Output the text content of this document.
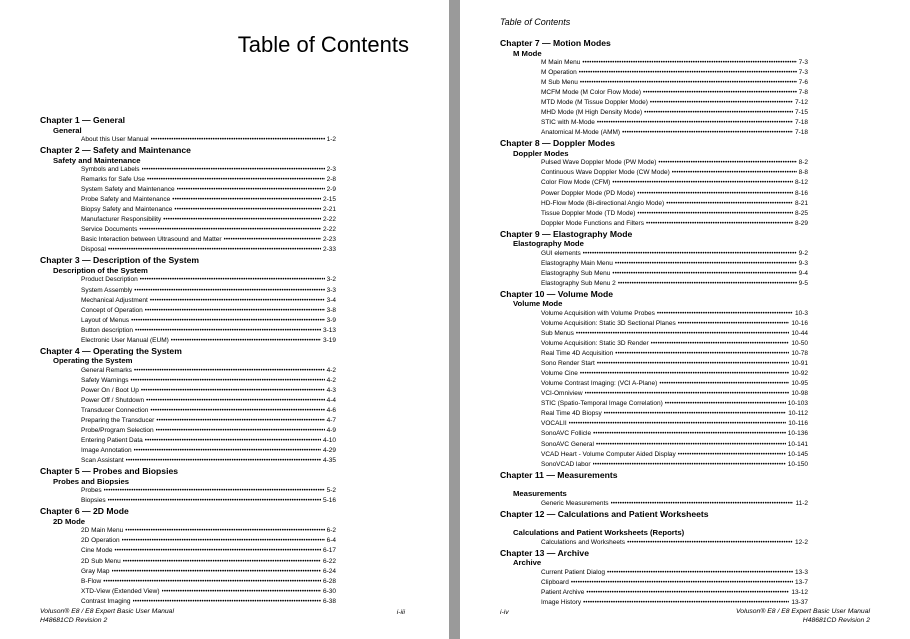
Table of Contents
Chapter 1 — General
General
About this User Manual •••••	1-2
Chapter 2 — Safety and Maintenance
Safety and Maintenance
Symbols and Labels •••••	2-3
Remarks for Safe Use •••••	2-8
System Safety and Maintenance •••••	2-9
Probe Safety and Maintenance •••••	2-15
Biopsy Safety and Maintenance •••••	2-21
Manufacturer Responsibility •••••	2-22
Service Documents •••••	2-22
Basic Interaction between Ultrasound and Matter •••••	2-23
Disposal •••••	2-33
Chapter 3 — Description of the System
Description of the System
Product Description •••••	3-2
System Assembly •••••	3-3
Mechanical Adjustment •••••	3-4
Concept of Operation •••••	3-8
Layout of Menus •••••	3-9
Button description •••••	3-13
Electronic User Manual (EUM) •••••	3-19
Chapter 4 — Operating the System
Operating the System
General Remarks •••••	4-2
Safety Warnings •••••	4-2
Power On / Boot Up •••••	4-3
Power Off / Shutdown •••••	4-4
Transducer Connection •••••	4-6
Preparing the Transducer •••••	4-7
Probe/Program Selection •••••	4-9
Entering Patient Data •••••	4-10
Image Annotation •••••	4-29
Scan Assistant •••••	4-35
Chapter 5 — Probes and Biopsies
Probes and Biopsies
Probes •••••	5-2
Biopsies •••••	5-16
Chapter 6 — 2D Mode
2D Mode
2D Main Menu •••••	6-2
2D Operation •••••	6-4
Cine Mode •••••	6-17
2D Sub Menu •••••	6-22
Gray Map •••••	6-24
B-Flow •••••	6-28
XTD-View (Extended View) •••••	6-30
Contrast Imaging •••••	6-38
Voluson® E8 / E8 Expert Basic User Manual
H48681CD Revision 2
i-iii
Table of Contents
Chapter 7 — Motion Modes
M Mode
M Main Menu •••••	7-3
M Operation •••••	7-3
M Sub Menu •••••	7-6
MCFM Mode (M Color Flow Mode) •••••	7-8
MTD Mode (M Tissue Doppler Mode) •••••	7-12
MHD Mode (M High Density Mode) •••••	7-15
STIC with M-Mode •••••	7-18
Anatomical M-Mode (AMM) •••••	7-18
Chapter 8 — Doppler Modes
Doppler Modes
Pulsed Wave Doppler Mode (PW Mode) •••••	8-2
Continuous Wave Doppler Mode (CW Mode) •••••	8-8
Color Flow Mode (CFM) •••••	8-12
Power Doppler Mode (PD Mode) •••••	8-16
HD-Flow Mode (Bi-directional Angio Mode) •••••	8-21
Tissue Doppler Mode (TD Mode) •••••	8-25
Doppler Mode Functions and Filters •••••	8-29
Chapter 9 — Elastography Mode
Elastography Mode
GUI elements •••••	9-2
Elastography Main Menu •••••	9-3
Elastography Sub Menu •••••	9-4
Elastography Sub Menu 2 •••••	9-5
Chapter 10 — Volume Mode
Volume Mode
Volume Acquisition with Volume Probes •••••	10-3
Volume Acquisition: Static 3D Sectional Planes •••••	10-16
Sub Menus •••••	10-44
Volume Acquisition: Static 3D Render •••••	10-50
Real Time 4D Acquisition •••••	10-78
Sono Render Start •••••	10-91
Volume Cine •••••	10-92
Volume Contrast Imaging: (VCI A-Plane) •••••	10-95
VCI-Omniview •••••	10-98
STIC (Spatio-Temporal Image Correlation) •••••	10-103
Real Time 4D Biopsy •••••	10-112
VOCALII •••••	10-116
SonoAVC Follicle •••••	10-136
SonoAVC General •••••	10-141
VCAD Heart - Volume Computer Aided Display •••••	10-145
SonoVCAD labor •••••	10-150
Chapter 11 — Measurements
Measurements
Generic Measurements •••••	11-2
Chapter 12 — Calculations and Patient Worksheets
Calculations and Patient Worksheets (Reports)
Calculations and Worksheets •••••	12-2
Chapter 13 — Archive
Archive
Current Patient Dialog •••••	13-3
Clipboard •••••	13-7
Patient Archive •••••	13-12
Image History •••••	13-37
i-iv	Voluson® E8 / E8 Expert Basic User Manual
H48681CD Revision 2
